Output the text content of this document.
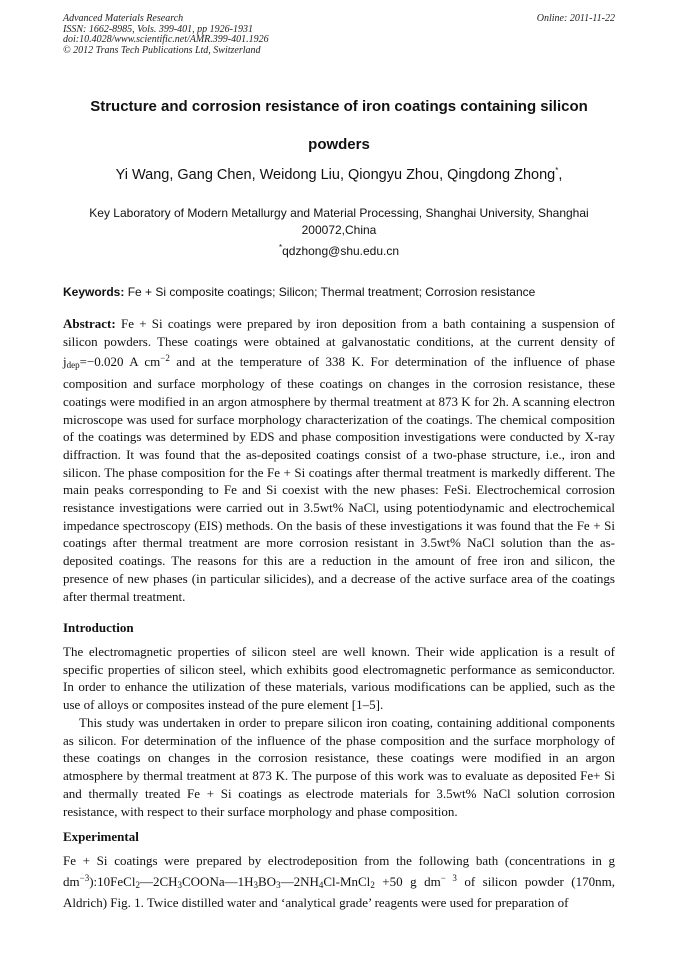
Advanced Materials Research
ISSN: 1662-8985, Vols. 399-401, pp 1926-1931
doi:10.4028/www.scientific.net/AMR.399-401.1926
© 2012 Trans Tech Publications Ltd, Switzerland
Online: 2011-11-22
Structure and corrosion resistance of iron coatings containing silicon
powders
Yi Wang, Gang Chen, Weidong Liu, Qiongyu Zhou, Qingdong Zhong*,
Key Laboratory of Modern Metallurgy and Material Processing, Shanghai University, Shanghai
200072,China
*qdzhong@shu.edu.cn
Keywords: Fe + Si composite coatings; Silicon; Thermal treatment; Corrosion resistance
Abstract: Fe + Si coatings were prepared by iron deposition from a bath containing a suspension of silicon powders. These coatings were obtained at galvanostatic conditions, at the current density of $j_{dep}=-0.020$ A $cm^{-2}$ and at the temperature of 338 K. For determination of the influence of phase composition and surface morphology of these coatings on changes in the corrosion resistance, these coatings were modified in an argon atmosphere by thermal treatment at 873 K for 2h. A scanning electron microscope was used for surface morphology characterization of the coatings. The chemical composition of the coatings was determined by EDS and phase composition investigations were conducted by X-ray diffraction. It was found that the as-deposited coatings consist of a two-phase structure, i.e., iron and silicon. The phase composition for the Fe + Si coatings after thermal treatment is markedly different. The main peaks corresponding to Fe and Si coexist with the new phases: FeSi. Electrochemical corrosion resistance investigations were carried out in 3.5wt% NaCl, using potentiodynamic and electrochemical impedance spectroscopy (EIS) methods. On the basis of these investigations it was found that the Fe + Si coatings after thermal treatment are more corrosion resistant in 3.5wt% NaCl solution than the as-deposited coatings. The reasons for this are a reduction in the amount of free iron and silicon, the presence of new phases (in particular silicides), and a decrease of the active surface area of the coatings after thermal treatment.
Introduction
The electromagnetic properties of silicon steel are well known. Their wide application is a result of specific properties of silicon steel, which exhibits good electromagnetic performance as semiconductor. In order to enhance the utilization of these materials, various modifications can be applied, such as the use of alloys or composites instead of the pure element [1–5].
This study was undertaken in order to prepare silicon iron coating, containing additional components as silicon. For determination of the influence of the phase composition and the surface morphology of these coatings on changes in the corrosion resistance, these coatings were modified in an argon atmosphere by thermal treatment at 873 K. The purpose of this work was to evaluate as deposited Fe+ Si and thermally treated Fe + Si coatings as electrode materials for 3.5wt% NaCl solution corrosion resistance, with respect to their surface morphology and phase composition.
Experimental
Fe + Si coatings were prepared by electrodeposition from the following bath (concentrations in g $dm^{-3}):10FeCl_2—2CH_3COONa—1H_3BO_3—2NH_4Cl-MnCl_2 +50$ g $dm^{- 3}$ of silicon powder (170nm, Aldrich) Fig. 1. Twice distilled water and ‘analytical grade’ reagents were used for preparation of
